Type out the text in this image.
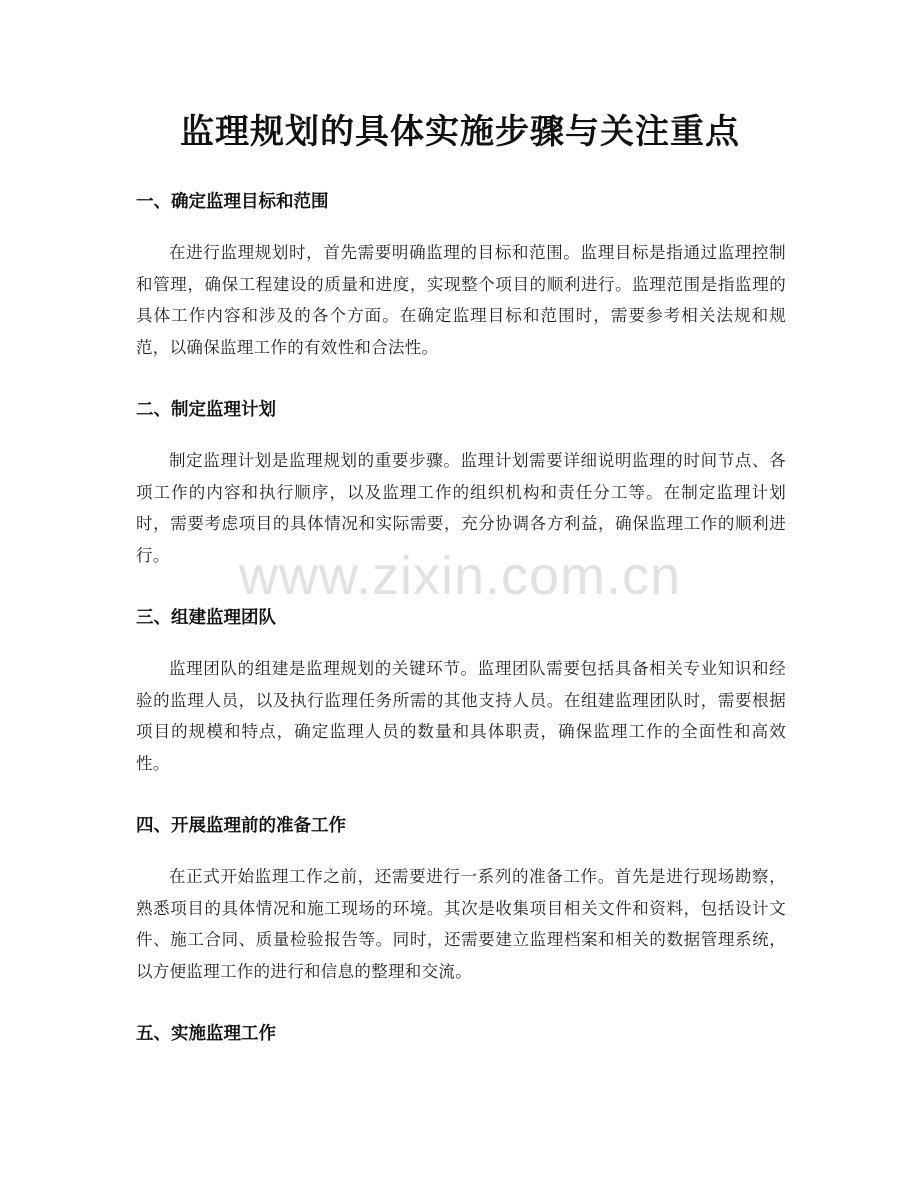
监理规划的具体实施步骤与关注重点
一、确定监理目标和范围

在进行监理规划时，首先需要明确监理的目标和范围。监理目标是指通过监理控制和管理，确保工程建设的质量和进度，实现整个项目的顺利进行。监理范围是指监理的具体工作内容和涉及的各个方面。在确定监理目标和范围时，需要参考相关法规和规范，以确保监理工作的有效性和合法性。

二、制定监理计划

制定监理计划是监理规划的重要步骤。监理计划需要详细说明监理的时间节点、各项工作的内容和执行顺序，以及监理工作的组织机构和责任分工等。在制定监理计划时，需要考虑项目的具体情况和实际需要，充分协调各方利益，确保监理工作的顺利进行。

三、组建监理团队

监理团队的组建是监理规划的关键环节。监理团队需要包括具备相关专业知识和经验的监理人员，以及执行监理任务所需的其他支持人员。在组建监理团队时，需要根据项目的规模和特点，确定监理人员的数量和具体职责，确保监理工作的全面性和高效性。

四、开展监理前的准备工作

在正式开始监理工作之前，还需要进行一系列的准备工作。首先是进行现场勘察，熟悉项目的具体情况和施工现场的环境。其次是收集项目相关文件和资料，包括设计文件、施工合同、质量检验报告等。同时，还需要建立监理档案和相关的数据管理系统，以方便监理工作的进行和信息的整理和交流。

五、实施监理工作
www.zixin.com.cn
